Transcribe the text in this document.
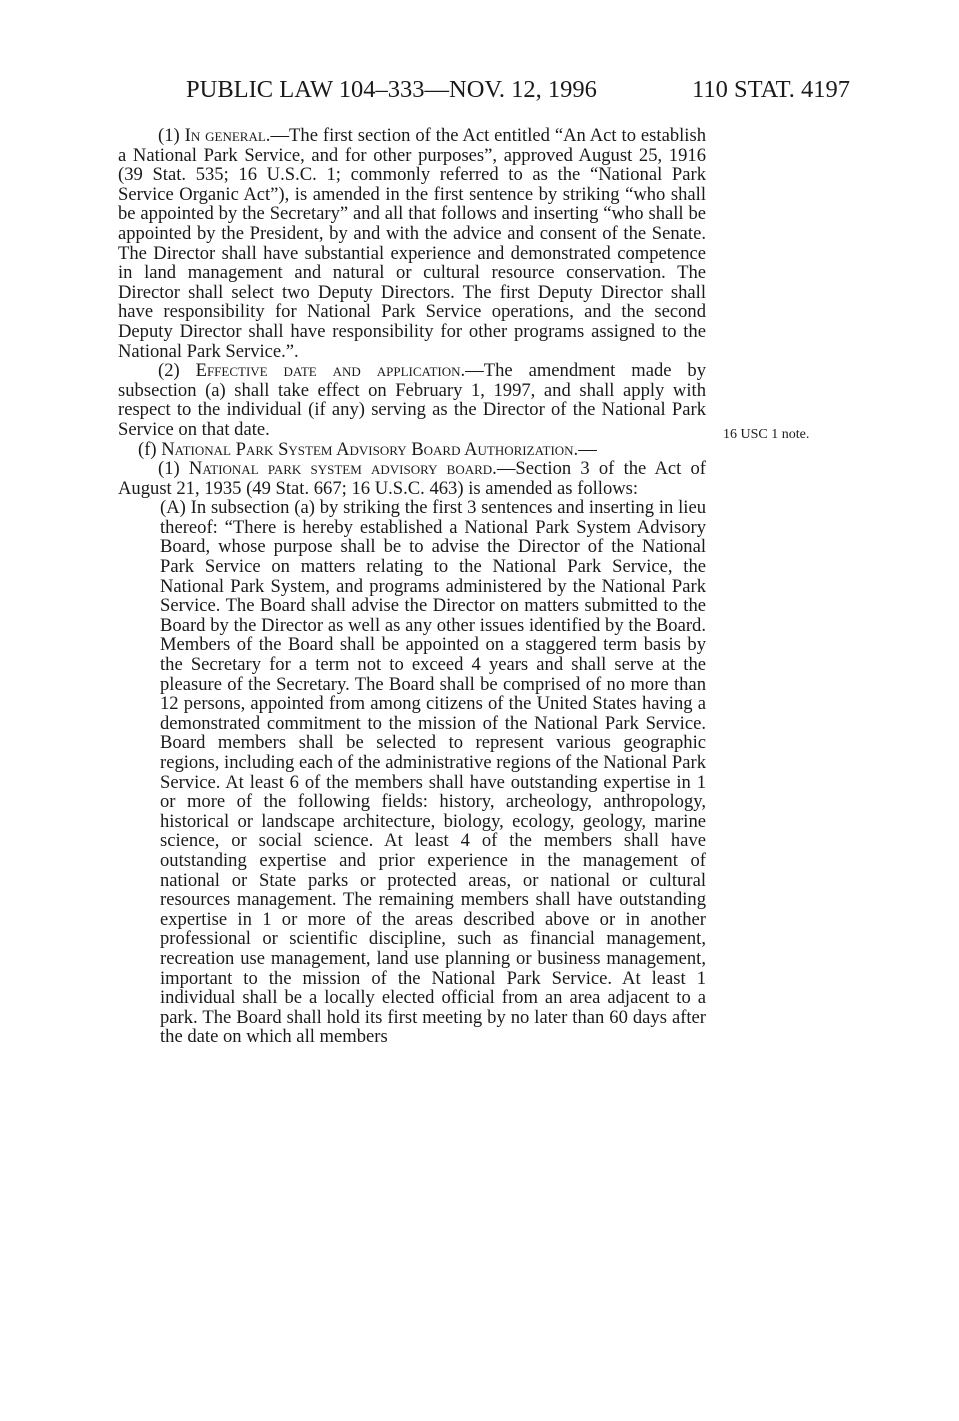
PUBLIC LAW 104–333—NOV. 12, 1996	110 STAT. 4197
16 USC 1 note.

(1) In general.—The first section of the Act entitled “An Act to establish a National Park Service, and for other purposes”, approved August 25, 1916 (39 Stat. 535; 16 U.S.C. 1; commonly referred to as the “National Park Service Organic Act”), is amended in the first sentence by striking “who shall be appointed by the Secretary” and all that follows and inserting “who shall be appointed by the President, by and with the advice and consent of the Senate. The Director shall have substantial experience and demonstrated competence in land management and natural or cultural resource conservation. The Director shall select two Deputy Directors. The first Deputy Director shall have responsibility for National Park Service operations, and the second Deputy Director shall have responsibility for other programs assigned to the National Park Service.”.

(2) Effective date and application.—The amendment made by subsection (a) shall take effect on February 1, 1997, and shall apply with respect to the individual (if any) serving as the Director of the National Park Service on that date.

(f) National Park System Advisory Board Authorization.—

(1) National park system advisory board.—Section 3 of the Act of August 21, 1935 (49 Stat. 667; 16 U.S.C. 463) is amended as follows:

(A) In subsection (a) by striking the first 3 sentences and inserting in lieu thereof: “There is hereby established a National Park System Advisory Board, whose purpose shall be to advise the Director of the National Park Service on matters relating to the National Park Service, the National Park System, and programs administered by the National Park Service. The Board shall advise the Director on matters submitted to the Board by the Director as well as any other issues identified by the Board. Members of the Board shall be appointed on a staggered term basis by the Secretary for a term not to exceed 4 years and shall serve at the pleasure of the Secretary. The Board shall be comprised of no more than 12 persons, appointed from among citizens of the United States having a demonstrated commitment to the mission of the National Park Service. Board members shall be selected to represent various geographic regions, including each of the administrative regions of the National Park Service. At least 6 of the members shall have outstanding expertise in 1 or more of the following fields: history, archeology, anthropology, historical or landscape architecture, biology, ecology, geology, marine science, or social science. At least 4 of the members shall have outstanding expertise and prior experience in the management of national or State parks or protected areas, or national or cultural resources management. The remaining members shall have outstanding expertise in 1 or more of the areas described above or in another professional or scientific discipline, such as financial management, recreation use management, land use planning or business management, important to the mission of the National Park Service. At least 1 individual shall be a locally elected official from an area adjacent to a park. The Board shall hold its first meeting by no later than 60 days after the date on which all members
